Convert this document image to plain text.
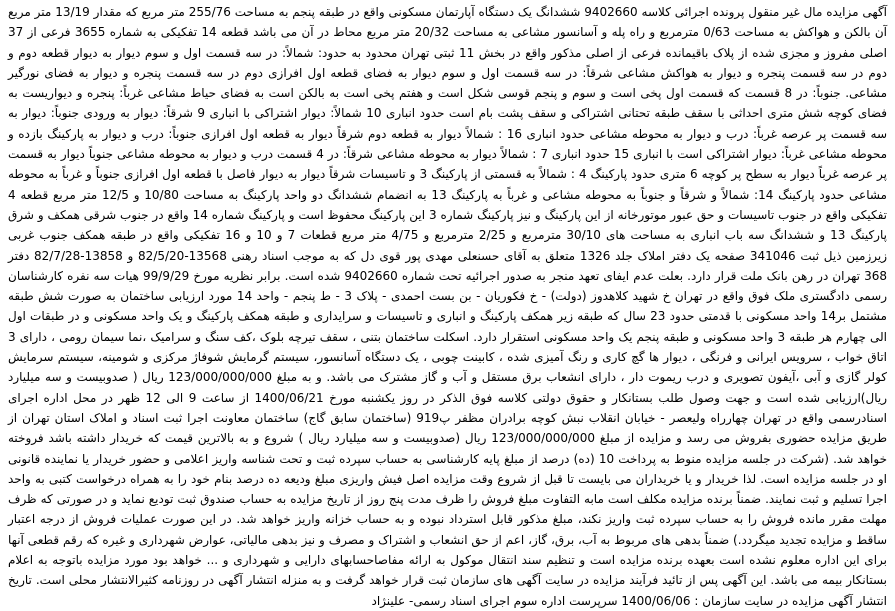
آگهی مزایده مال غیر منقول پرونده اجرائی کلاسه 9402660 ششدانگ یک دستگاه آپارتمان مسکونی واقع در طبقه پنجم به مساحت 255/76 متر مربع که مقدار 13/19 متر مربع آن بالکن و هواکش به مساحت 0/63 مترمربع و راه پله و آسانسور مشاعی به مساحت 20/32 متر مربع محاط در آن می باشد قطعه 14 تفکیکی به شماره 3655 فرعی از 37 اصلی مفروز و مجزی شده از پلاک باقیمانده فرعی از اصلی مذکور واقع در بخش 11 ثبتی تهران محدود به حدود: شمالاً: در سه قسمت اول و سوم دیوار به دیوار قطعه دوم و دوم در سه قسمت پنجره و دیوار به هواکش مشاعی شرقاً: در سه قسمت اول و سوم دیوار به فضای قطعه اول افرازی دوم در سه قسمت پنجره و دیوار به فضای نورگیر مشاعی. جنوباً: در 8 قسمت که قسمت اول پخی است و سوم و پنجم قوسی شکل است و هفتم پخی است به بالکن است به فضای حیاط مشاعی غرباً: پنجره و دیواریست به فضای کوچه شش متری احداثی با سقف طبقه تحتانی اشتراکی و سقف پشت بام است حدود انباری 10 شمالاً: دیوار اشتراکی با انباری 9 شرقاً: دیوار به ورودی جنوباً: دیوار به سه قسمت پر عرصه غرباً: درب و دیوار به محوطه مشاعی حدود انباری 16 : شمالاً دیوار به قطعه دوم شرقاً دیوار به قطعه اول افرازی جنوباً: درب و دیوار به پارکینگ بازده و محوطه مشاعی غرباً: دیوار اشتراکی است با انباری 15 حدود انباری 7 : شمالاً دیوار به محوطه مشاعی شرقاً: در 4 قسمت درب و دیوار به محوطه مشاعی جنوباً دیوار به قسمت پر عرصه غرباً دیوار به سطح پر کوچه 6 متری حدود پارکینگ 4 : شمالاً به قسمتی از پارکینگ 3 و تاسیسات شرقاً دیوار به دیوار فاصل با قطعه اول افرازی جنوباً و غرباً به محوطه مشاعی حدود پارکینگ 14: شمالاً و شرقاً و جنوباً به محوطه مشاعی و غرباً به پارکینگ 13 به انضمام ششدانگ دو واحد پارکینگ به مساحت 10/80 و 12/5 متر مربع قطعه 4 تفکیکی واقع در جنوب تاسیسات و حق عبور موتورخانه از این پارکینگ و نیز پارکینگ شماره 3 این پارکینگ محفوظ است و پارکینگ شماره 14 واقع در جنوب شرقی همکف و شرق پارکینگ 13 و ششدانگ سه باب انباری به مساحت های 30/10 مترمربع و 2/25 مترمربع و 4/75 متر مربع قطعات 7 و 10 و 16 تفکیکی واقع در طبقه همکف جنوب غربی زیرزمین ذیل ثبت 341046 صفحه یک دفتر املاک جلد 1326 متعلق به آقای حسنعلی مهدی پور قوی دل که به موجب اسناد رهنی 13568-82/5/20 و 13858-82/7/28 دفتر 368 تهران در رهن بانک ملت قرار دارد. بعلت عدم ایفای تعهد منجر به صدور اجرائیه تحت شماره 9402660 شده است. برابر نظریه مورخ 99/9/29 هیات سه نفره کارشناسان رسمی دادگستری ملک فوق واقع در تهران خ شهید کلاهدوز (دولت) - خ فکوریان - بن بست احمدی - پلاک 3 - ط پنجم - واحد 14 مورد ارزیابی ساختمان به صورت شش طبقه مشتمل بر14 واحد مسکونی با قدمتی حدود 23 سال که طبقه زیر همکف پارکینگ و انباری و تاسیسات و سرایداری و طبقه همکف پارکینگ و یک واحد مسکونی و در طبقات اول الی چهارم هر طبقه 3 واحد مسکونی و طبقه پنجم یک واحد مسکونی استقرار دارد. اسکلت ساختمان بتنی ، سقف تیرچه بلوک ،کف سنگ و سرامیک ،نما سیمان رومی ، دارای 3 اتاق خواب ، سرویس ایرانی و فرنگی ، دیوار ها گچ کاری و رنگ آمیزی شده ، کابینت چوبی ، یک دستگاه آسانسور، سیستم گرمایش شوفاژ مرکزی و شومینه، سیستم سرمایش کولر گازی و آبی ،آیفون تصویری و درب ریموت دار ، دارای انشعاب برق مستقل و آب و گاز مشترک می باشد. و به مبلغ 123/000/000/000 ریال ( صدوبیست و سه میلیارد ریال)ارزیابی شده است و جهت وصول طلب بستانکار و حقوق دولتی کلاسه فوق الذکر در روز یکشنبه مورخ 1400/06/21 از ساعت 9 الی 12 ظهر در محل اداره اجرای اسنادرسمی واقع در تهران چهارراه ولیعصر - خیابان انقلاب نبش کوچه برادران مظفر پ919 (ساختمان سابق گاج) ساختمان معاونت اجرا ثبت اسناد و املاک استان تهران از طریق مزایده حضوری بفروش می رسد و مزایده از مبلغ 123/000/000/000 ریال (صدوبیست و سه میلیارد ریال ) شروع و به بالاترین قیمت که خریدار داشته باشد فروخته خواهد شد. (شرکت در جلسه مزایده منوط به پرداخت 10 (ده) درصد از مبلغ پایه کارشناسی به حساب سپرده ثبت و تحت شناسه واریز اعلامی و حضور خریدار یا نماینده قانونی او در جلسه مزایده است. لذا خریدار و یا خریداران می بایست تا قبل از شروع وقت مزایده اصل فیش واریزی مبلغ ودیعه ده درصد بنام خود را به همراه درخواست کتبی به واحد اجرا تسلیم و ثبت نمایند. ضمناً برنده مزایده مکلف است مابه التفاوت مبلغ فروش را ظرف مدت پنج روز از تاریخ مزایده به حساب صندوق ثبت تودیع نماید و در صورتی که ظرف مهلت مقرر مانده فروش را به حساب سپرده ثبت واریز نکند، مبلغ مذکور قابل استرداد نبوده و به حساب خزانه واریز خواهد شد. در این صورت عملیات فروش از درجه اعتبار ساقط و مزایده تجدید میگردد.) ضمناً بدهی های مربوط به آب، برق، گاز، اعم از حق انشعاب و اشتراک و مصرف و نیز بدهی مالیاتی، عوارض شهرداری و غیره که رقم قطعی آنها برای این اداره معلوم نشده است بعهده برنده مزایده است و تنظیم سند انتقال موکول به ارائه مفاصاحسابهای دارایی و شهرداری و ... خواهد بود مورد مزایده باتوجه به اعلام بستانکار بیمه می باشد. این آگهی پس از تائید فرآیند مزایده در سایت آگهی های سازمان ثبت قرار خواهد گرفت و به منزله انتشار آگهی در روزنامه کثیرالانتشار محلی است. تاریخ انتشار آگهی مزایده در سایت سازمان : 1400/06/06 سرپرست اداره سوم اجرای اسناد رسمی- علینژاد
